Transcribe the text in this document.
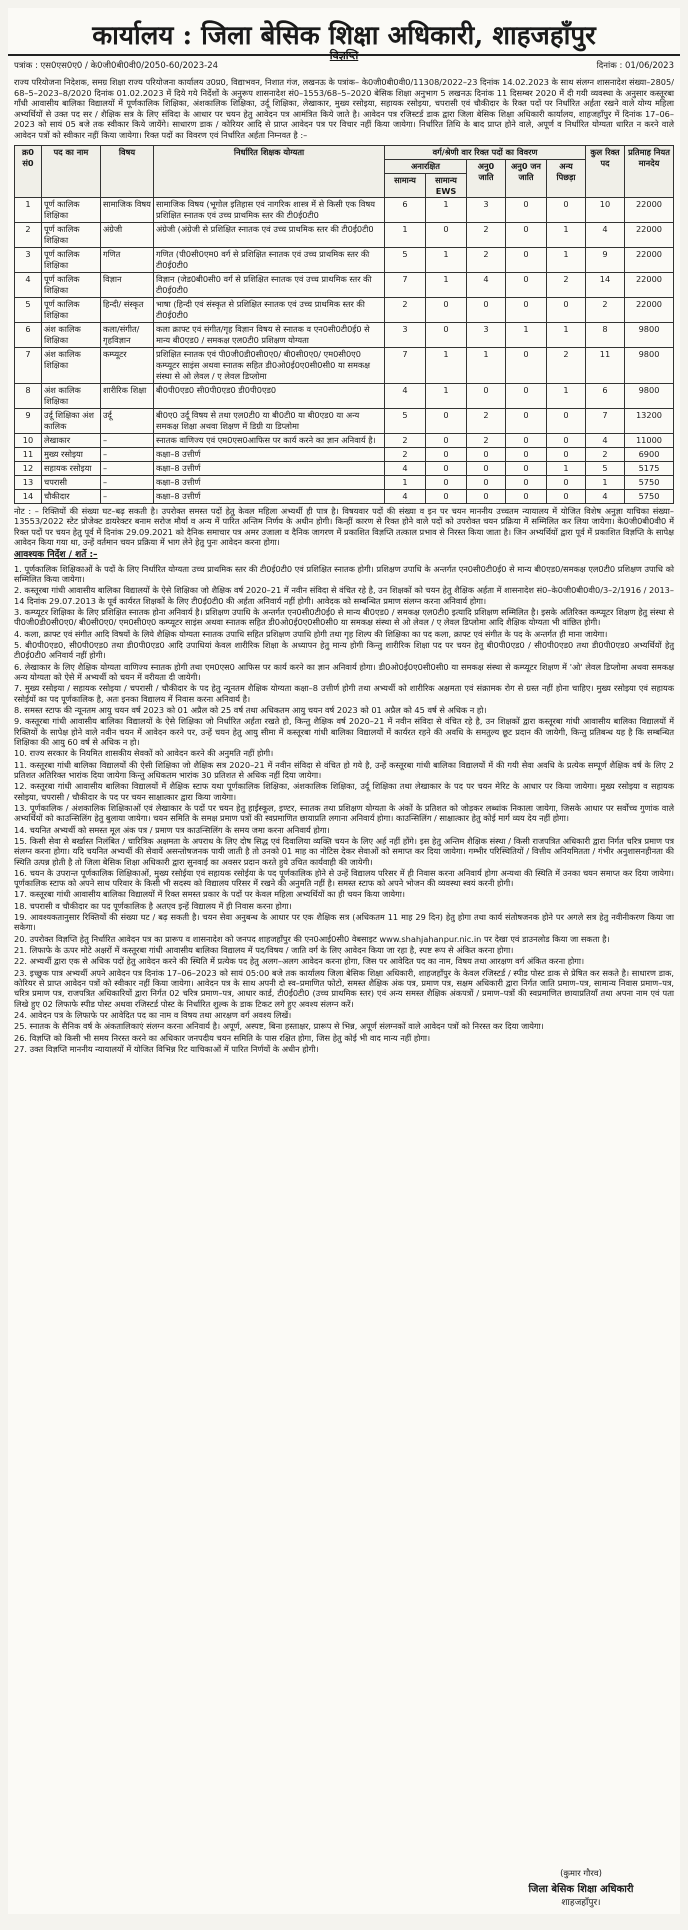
कार्यालय : जिला बेसिक शिक्षा अधिकारी, शाहजहाँपुर
पत्रांक : एस0एस0ए0 / के0जी0बी0वी0/2050-60/2023-24	दिनांक : 01/06/2023
विज्ञप्ति
राज्य परियोजना निदेशक, समग्र शिक्षा राज्य परियोजना कार्यालय उ0प्र0, विद्याभवन, निशात गंज, लखनऊ के पत्रांक– के0जी0बी0वी0/11308/2022–23 दिनांक 14.02.2023 के साथ संलग्न शासनादेश संख्या–2805/ 68–5–2023–8/2020 दिनांक 01.02.2023 में दिये गये निर्देशों के अनुरूप शासनादेश सं0–1553/68–5–2020 बेसिक शिक्षा अनुभाग 5 लखनऊ दिनांक 11 दिसम्बर 2020 में दी गयी व्यवस्था के अनुसार कस्तूरबा गाँधी आवासीय बालिका विद्यालयों में पूर्णकालिक शिक्षिका, अंशकालिक शिक्षिका, उर्दू शिक्षिका, लेखाकार, मुख्य रसोइया, सहायक रसोइया, चपरासी एवं चौकीदार के रिक्त पदों पर निर्धारित अर्हता रखने वाले योग्य महिला अभ्यर्थियों से उक्त पद सर / शैक्षिक सत्र के लिए संविदा के आधार पर चयन हेतु आवेदन पत्र आमंत्रित किये जाते है। आवेदन पत्र रजिस्टर्ड डाक द्वारा जिला बेसिक शिक्षा अधिकारी कार्यालय, शाहजहाँपुर में दिनांक 17–06–2023 को सायं 05 बजे तक स्वीकार किये जायेंगे। साधारण डाक / कोरियर आदि से प्राप्त आवेदन पत्र पर विचार नहीं किया जायेगा। निर्धारित तिथि के बाद प्राप्त होने वाले, अपूर्ण व निर्धारित योग्यता धारित न करने वाले आवेदन पत्रों को स्वीकार नहीं किया जायेगा। रिक्त पदों का विवरण एवं निर्धारित अर्हता निम्नवत है :–
क्र0 सं0	पद का नाम	विषय	निर्धारित शिक्षक योग्यता	वर्ग/श्रेणी वार रिक्त पदों का विवरण					कुल रिक्त पद	प्रतिमाह नियत मानदेय
				अनारक्षित		अनु0 जाति	अनु0 जन जाति	अन्य पिछड़ा		
				सामान्य	सामान्य EWS					
1	पूर्ण कालिक शिक्षिका	सामाजिक विषय	सामाजिक विषय (भूगोल इतिहास एवं नागरिक शास्त्र में से किसी एक विषय प्रशिक्षित स्नातक एवं उच्च प्राथमिक स्तर की टी0ई0टी0	6	1	3	0	0	10	22000
2	पूर्ण कालिक शिक्षिका	अंग्रेजी	अंग्रेजी (अंग्रेजी से प्रशिक्षित स्नातक एवं उच्च प्राथमिक स्तर की टी0ई0टी0	1	0	2	0	1	4	22000
3	पूर्ण कालिक शिक्षिका	गणित	गणित (पी0सी0एम0 वर्ग से प्रशिक्षित स्नातक एवं उच्च प्राथमिक स्तर की टी0ई0टी0	5	1	2	0	1	9	22000
4	पूर्ण कालिक शिक्षिका	विज्ञान	विज्ञान (जेड0बी0सी0 वर्ग से प्रशिक्षित स्नातक एवं उच्च प्राथमिक स्तर की टी0ई0टी0	7	1	4	0	2	14	22000
5	पूर्ण कालिक शिक्षिका	हिन्दी/ संस्कृत	भाषा (हिन्दी एवं संस्कृत से प्रशिक्षित स्नातक एवं उच्च प्राथमिक स्तर की टी0ई0टी0	2	0	0	0	0	2	22000
6	अंश कालिक शिक्षिका	कला/संगीत/ गृहविज्ञान	कला क्राफ्ट एवं संगीत/गृह विज्ञान विषय से स्नातक व एन0सी0टी0ई0 से मान्य बी0एड0 / समकक्ष एल0टी0 प्रशिक्षण योग्यता	3	0	3	1	1	8	9800
7	अंश कालिक शिक्षिका	कम्प्यूटर	प्रशिक्षित स्नातक एवं पी0जी0डी0सी0ए0/ बी0सी0ए0/ एम0सी0ए0 कम्प्यूटर साइंस अथवा स्नातक सहित डी0ओ0ई0ए0सी0सी0 या समकक्ष संस्था से ओ लेवल / ए लेवल डिप्लोमा	7	1	1	0	2	11	9800
8	अंश कालिक शिक्षिका	शारीरिक शिक्षा	बी0पी0एड0 सी0पी0एड0 डी0पी0एड0	4	1	0	0	1	6	9800
9	उर्दू शिक्षिका अंश कालिक	उर्दू	बी0ए0 उर्दू विषय से तथा एल0टी0 या बी0टी0 या बी0एड0 या अन्य समकक्ष शिक्षा अथवा शिक्षण में डिग्री या डिप्लोमा	5	0	2	0	0	7	13200
10	लेखाकार	–	स्नातक वाणिज्य एवं एम0एस0आफिस पर कार्य करने का ज्ञान अनिवार्य है।	2	0	2	0	0	4	11000
11	मुख्य रसोइया	–	कक्षा–8 उत्तीर्ण	2	0	0	0	0	2	6900
12	सहायक रसोइया	–	कक्षा–8 उत्तीर्ण	4	0	0	0	1	5	5175
13	चपरासी	–	कक्षा–8 उत्तीर्ण	1	0	0	0	0	1	5750
14	चौकीदार	–	कक्षा–8 उत्तीर्ण	4	0	0	0	0	4	5750

नोट : – रिक्तियों की संख्या घट–बढ़ सकती है। उपरोक्त समस्त पदों हेतु केवल महिला अभ्यर्थी ही पात्र है। विषयवार पदों की संख्या व इन पर चयन माननीय उच्चतम न्यायालय में योजित विशेष अनुज्ञा याचिका संख्या–13553/2022 स्टेट प्रोजेक्ट डायरेक्टर बनाम सरोज मौर्या व अन्य में पारित अन्तिम निर्णय के अधीन होगी। किन्हीं कारण से रिक्त होने वाले पदों को उपरोक्त चयन प्रक्रिया में सम्मिलित कर लिया जायेगा। के0जी0बी0वी0 में रिक्त पदों पर चयन हेतु पूर्व में दिनांक 29.09.2021 को दैनिक समाचार पत्र अमर उजाला व दैनिक जागरण में प्रकाशित विज्ञप्ति तत्काल प्रभाव से निरस्त किया जाता है। जिन अभ्यर्थियों द्वारा पूर्व में प्रकाशित विज्ञप्ति के सापेक्ष आवेदन किया गया था, उन्हें वर्तमान चयन प्रक्रिया में भाग लेने हेतु पुनः आवेदन करना होगा।

आवश्यक निर्देश / शर्ते :–

1. पूर्णकालिक शिक्षिकाओं के पदों के लिए निर्धारित योग्यता उच्च प्राथमिक स्तर की टी0ई0टी0 एवं प्रशिक्षित स्नातक होगी। प्रशिक्षण उपाधि के अन्तर्गत एन0सी0टी0ई0 से मान्य बी0एड0/समकक्ष एल0टी0 प्रशिक्षण उपाधि को सम्मिलित किया जायेगा।

2. कस्तूरबा गांधी आवासीय बालिका विद्यालयों के ऐसे शिक्षिका जो शैक्षिक वर्ष 2020–21 में नवीन संविदा से वंचित रहे है, उन शिक्षकों को चयन हेतु शैक्षिक अर्हता में शासनादेश सं0–के0जी0बी0वी0/3–2/1916 / 2013–14 दिनांक 29.07.2013 के पूर्व कार्यरत शिक्षकों के लिए टी0ई0टी0 की अर्हता अनिवार्य नहीं होगी। आवेदक को सम्बन्धित प्रमाण संलग्न करना अनिवार्य होगा।

3. कम्प्यूटर शिक्षिका के लिए प्रशिक्षित स्नातक होना अनिवार्य है। प्रशिक्षण उपाधि के अन्तर्गत एन0सी0टी0ई0 से मान्य बी0एड0 / समकक्ष एल0टी0 इत्यादि प्रशिक्षण सम्मिलित है। इसके अतिरिक्त कम्प्यूटर शिक्षण हेतु संस्था से पी0जी0डी0सी0ए0/ बी0सी0ए0/ एम0सी0ए0 कम्प्यूटर साइंस अथवा स्नातक सहित डी0ओ0ई0ए0सी0सी0 या समकक्ष संस्था से ओ लेवल / ए लेवल डिप्लोमा आदि शैक्षिक योग्यता भी वांछित होगी।

4. कला, क्राफ्ट एवं संगीत आदि विषयों के लिये शैक्षिक योग्यता स्नातक उपाधि सहित प्रशिक्षण उपाधि होगी तथा गृह शिल्प की शिक्षिका का पद कला, क्राफ्ट एवं संगीत के पद के अन्तर्गत ही माना जायेगा।

5. बी0पी0एड0, सी0पी0एड0 तथा डी0पी0एड0 आदि उपाधियां केवल शारीरिक शिक्षा के अध्यापन हेतु मान्य होगी किन्तु शारीरिक शिक्षा पद पर चयन हेतु बी0पी0एड0 / सी0पी0एड0 तथा डी0पी0एड0 अभ्यर्थियों हेतु टी0ई0टी0 अनिवार्य नहीं होगी।

6. लेखाकार के लिए शैक्षिक योग्यता वाणिज्य स्नातक होगी तथा एम0एस0 आफिस पर कार्य करने का ज्ञान अनिवार्य होगा। डी0ओ0ई0ए0सी0सी0 या समकक्ष संस्था से कम्प्यूटर शिक्षण में 'ओ' लेवल डिप्लोमा अथवा समकक्ष अन्य योग्यता को ऐसे में अभ्यर्थी को चयन में वरीयता दी जायेगी।

7. मुख्य रसोइया / सहायक रसोइया / चपरासी / चौकीदार के पद हेतु न्यूनतम शैक्षिक योग्यता कक्षा–8 उत्तीर्ण होगी तथा अभ्यर्थी को शारीरिक अक्षमता एवं संक्रामक रोग से ग्रस्त नहीं होना चाहिए। मुख्य रसोइया एवं सहायक रसोईयों का पद पूर्णकालिक है, अतः इनका विद्यालय में निवास करना अनिवार्य है।

8. समस्त स्टाफ की न्यूनतम आयु चयन वर्ष 2023 को 01 अप्रैल को 25 वर्ष तथा अधिकतम आयु चयन वर्ष 2023 को 01 अप्रैल को 45 वर्ष से अधिक न हो।

9. कस्तूरबा गांधी आवासीय बालिका विद्यालयों के ऐसे शिक्षिका जो निर्धारित अर्हता रखते हो, किन्तु शैक्षिक वर्ष 2020–21 में नवीन संविदा से वंचित रहे है, उन शिक्षकों द्वारा कस्तूरबा गांधी आवासीय बालिका विद्यालयों में रिक्तियों के सापेक्ष होने वाले नवीन चयन में आवेदन करने पर, उन्हें चयन हेतु आयु सीमा में कस्तूरबा गांधी बालिका विद्यालयों में कार्यरत रहने की अवधि के समतुल्य छूट प्रदान की जायेगी, किन्तु प्रतिबन्ध यह है कि सम्बन्धित शिक्षिका की आयु 60 वर्ष से अधिक न हो।

10. राज्य सरकार के नियमित शासकीय सेवकों को आवेदन करने की अनुमति नहीं होगी।

11. कस्तूरबा गांधी बालिका विद्यालयों की ऐसी शिक्षिका जो शैक्षिक सत्र 2020–21 में नवीन संविदा से वंचित हो गये है, उन्हें कस्तूरबा गांधी बालिका विद्यालयों में की गयी सेवा अवधि के प्रत्येक सम्पूर्ण शैक्षिक वर्ष के लिए 2 प्रतिशत अतिरिक्त भारांक दिया जायेगा किन्तु अधिकतम भारांक 30 प्रतिशत से अधिक नहीं दिया जायेगा।

12. कस्तूरबा गांधी आवासीय बालिका विद्यालयों में शैक्षिक स्टाफ यथा पूर्णकालिक शिक्षिका, अंशकालिक शिक्षिका, उर्दू शिक्षिका तथा लेखाकार के पद पर चयन मेरिट के आधार पर किया जायेगा। मुख्य रसोइया व सहायक रसोइया, चपरासी / चौकीदार के पद पर चयन साक्षात्कार द्वारा किया जायेगा।

13. पूर्णकालिक / अंशकालिक शिक्षिकाओं एवं लेखाकार के पदों पर चयन हेतु हाईस्कूल, इण्टर, स्नातक तथा प्रशिक्षण योग्यता के अंकों के प्रतिशत को जोड़कर लब्धांक निकाला जायेगा, जिसके आधार पर सर्वोच्च गुणांक वाले अभ्यर्थियों को काउन्सिलिंग हेतु बुलाया जायेगा। चयन समिति के समक्ष प्रमाण पत्रों की स्वप्रमाणित छायाप्रति लगाना अनिवार्य होगा। काउन्सिलिंग / साक्षात्कार हेतु कोई मार्ग व्यय देय नहीं होगा।

14. चयनित अभ्यर्थी को समस्त मूल अंक पत्र / प्रमाण पत्र काउन्सिलिंग के समय जमा करना अनिवार्य होगा।

15. किसी सेवा से बर्खास्त निलंबित / चारित्रिक अक्षमता के अपराध के लिए दोष सिद्ध एवं दिवालिया व्यक्ति चयन के लिए अर्ह नहीं होंगे। इस हेतु अन्तिम शैक्षिक संस्था / किसी राजपत्रित अधिकारी द्वारा निर्गत चरित्र प्रमाण पत्र संलग्न करना होगा। यदि चयनित अभ्यर्थी की सेवायें असन्तोषजनक पायी जाती है तो उनको 01 माह का नोटिस देकर सेवाओं को समाप्त कर दिया जायेगा। गम्भीर परिस्थितियों / वित्तीय अनियमितता / गंभीर अनुशासनहीनता की स्थिति उत्पन्न होती है तो जिला बेसिक शिक्षा अधिकारी द्वारा सुनवाई का अवसर प्रदान करते हुये उचित कार्यवाही की जायेगी।

16. चयन के उपरान्त पूर्णकालिक शिक्षिकाओं, मुख्य रसोईया एवं सहायक रसोईया के पद पूर्णकालिक होने से उन्हें विद्यालय परिसर में ही निवास करना अनिवार्य होगा अन्यथा की स्थिति में उनका चयन समाप्त कर दिया जायेगा। पूर्णकालिक स्टाफ को अपने साथ परिवार के किसी भी सदस्य को विद्यालय परिसर में रखने की अनुमति नहीं है। समस्त स्टाफ को अपने भोजन की व्यवस्था स्वयं करनी होगी।

17. कस्तूरबा गांधी आवासीय बालिका विद्यालयों में रिक्त समस्त प्रकार के पदों पर केवल महिला अभ्यर्थियों का ही चयन किया जायेगा।

18. चपरासी व चौकीदार का पद पूर्णकालिक है अतएव इन्हें विद्यालय में ही निवास करना होगा।

19. आवश्यकतानुसार रिक्तियों की संख्या घट / बढ़ सकती है। चयन सेवा अनुबन्ध के आधार पर एक शैक्षिक सत्र (अधिकतम 11 माह 29 दिन) हेतु होगा तथा कार्य संतोषजनक होने पर अगले सत्र हेतु नवीनीकरण किया जा सकेगा।

20. उपरोक्त विज्ञप्ति हेतु निर्धारित आवेदन पत्र का प्रारूप व शासनादेश को जनपद शाहजहाँपुर की एन0आई0सी0 वेबसाइट www.shahjahanpur.nic.in पर देखा एवं डाउनलोड किया जा सकता है।

21. लिफाफे के ऊपर मोटे अक्षरों में कस्तूरबा गांधी आवासीय बालिका विद्यालय में पद/विषय / जाति वर्ग के लिए आवेदन किया जा रहा है, स्पष्ट रूप से अंकित करना होगा।

22. अभ्यर्थी द्वारा एक से अधिक पदों हेतु आवेदन करने की स्थिति में प्रत्येक पद हेतु अलग–अलग आवेदन करना होगा, जिस पर आवेदित पद का नाम, विषय तथा आरक्षण वर्ग अंकित करना होगा।

23. इच्छुक पात्र अभ्यर्थी अपने आवेदन पत्र दिनांक 17–06–2023 को सायं 05:00 बजे तक कार्यालय जिला बेसिक शिक्षा अधिकारी, शाहजहाँपुर के केवल रजिस्टर्ड / स्पीड पोस्ट डाक से प्रेषित कर सकते है। साधारण डाक, कोरियर से प्राप्त आवेदन पत्रों को स्वीकार नहीं किया जायेगा। आवेदन पत्र के साथ अपनी दो स्व–प्रमाणित फोटो, समस्त शैक्षिक अंक पत्र, प्रमाण पत्र, सक्षम अधिकारी द्वारा निर्गत जाति प्रमाण–पत्र, सामान्य निवास प्रमाण–पत्र, चरित्र प्रमाण पत्र, राजपत्रित अधिकारियों द्वारा निर्गत 02 चरित्र प्रमाण–पत्र, आधार कार्ड, टी0ई0टी0 (उच्च प्राथमिक स्तर) एवं अन्य समस्त शैक्षिक अंकपत्रों / प्रमाण–पत्रों की स्वप्रमाणित छायाप्रतियाँ तथा अपना नाम एवं पता लिखे हुए 02 लिफाफे स्पीड पोस्ट अथवा रजिस्टर्ड पोस्ट के निर्धारित शुल्क के डाक टिकट लगे हुए अवश्य संलग्न करें।

24. आवेदन पत्र के लिफाफे पर आवेदित पद का नाम व विषय तथा आरक्षण वर्ग अवश्य लिखें।

25. स्नातक के सैनिक वर्ष के अंकतालिकाएं संलग्न करना अनिवार्य है। अपूर्ण, अस्पष्ट, बिना हस्ताक्षर, प्रारूप से भिन्न, अपूर्ण संलग्नकों वाले आवेदन पत्रों को निरस्त कर दिया जायेगा।

26. विज्ञप्ति को किसी भी समय निरस्त करने का अधिकार जनपदीय चयन समिति के पास रक्षित होगा, जिस हेतु कोई भी वाद मान्य नहीं होगा।

27. उक्त विज्ञप्ति माननीय न्यायालयों में योजित विभिन्न रिट याचिकाओं में पारित निर्णयों के अधीन होगी।

(कुमार गौरव)
जिला बेसिक शिक्षा अधिकारी
शाहजहाँपुर।
